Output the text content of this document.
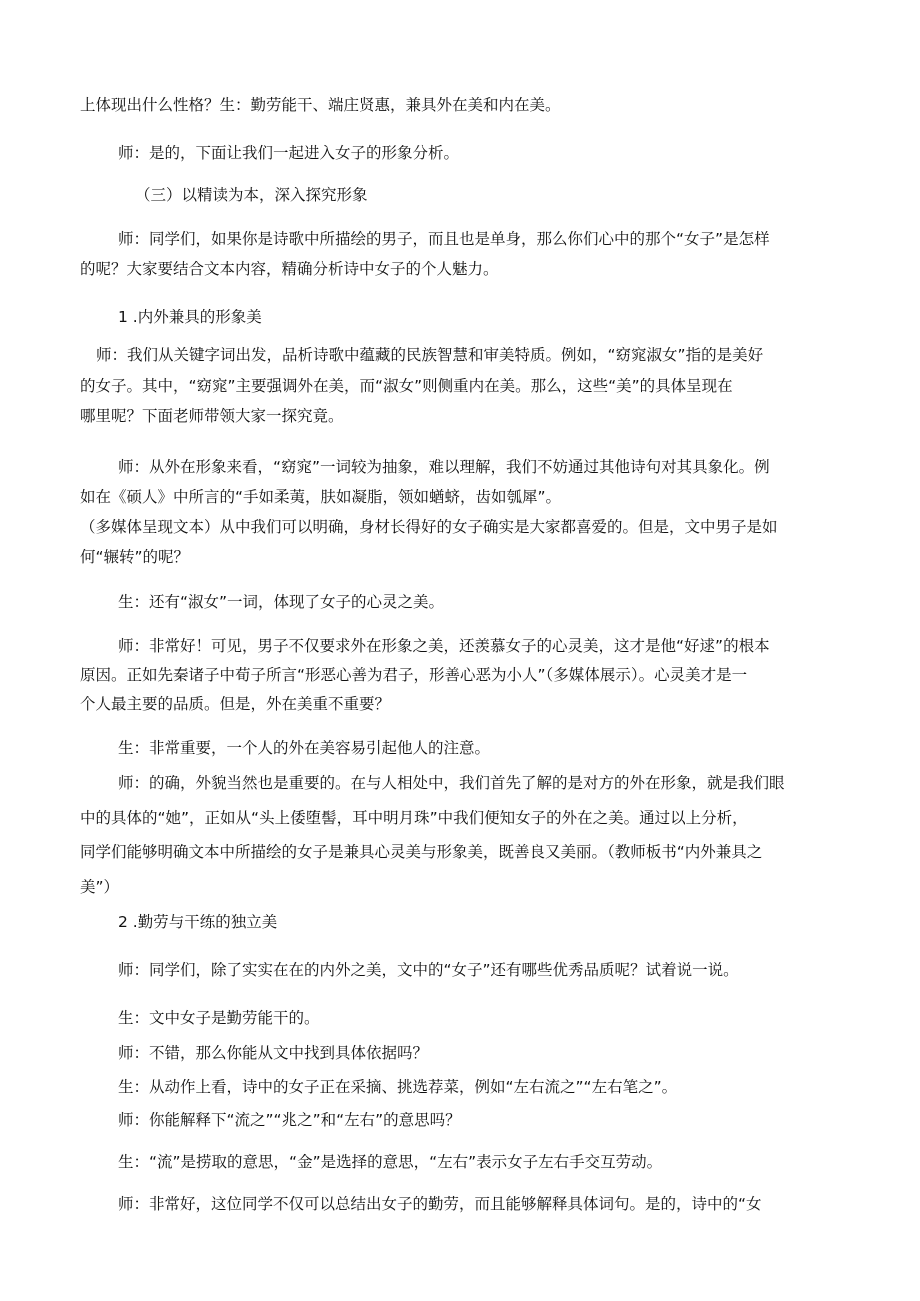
上体现出什么性格？生：勤劳能干、端庄贤惠，兼具外在美和内在美。
师：是的，下面让我们一起进入女子的形象分析。
（三）以精读为本，深入探究形象
师：同学们，如果你是诗歌中所描绘的男子，而且也是单身，那么你们心中的那个“女子”是怎样
的呢？大家要结合文本内容，精确分析诗中女子的个人魅力。
1 .内外兼具的形象美
师：我们从关键字词出发，品析诗歌中蕴藏的民族智慧和审美特质。例如，“窈窕淑女”指的是美好
的女子。其中，“窈窕”主要强调外在美，而“淑女”则侧重内在美。那么，这些“美”的具体呈现在
哪里呢？下面老师带领大家一探究竟。
师：从外在形象来看，“窈窕”一词较为抽象，难以理解，我们不妨通过其他诗句对其具象化。例
如在《硕人》中所言的“手如柔荑，肤如凝脂，领如蝤蛴，齿如瓠犀”。
（多媒体呈现文本）从中我们可以明确，身材长得好的女子确实是大家都喜爱的。但是，文中男子是如
何“辗转”的呢？
生：还有“淑女”一词，体现了女子的心灵之美。
师：非常好！可见，男子不仅要求外在形象之美，还羡慕女子的心灵美，这才是他“好逑”的根本
原因。正如先秦诸子中荀子所言“形恶心善为君子，形善心恶为小人”（多媒体展示）。心灵美才是一
个人最主要的品质。但是，外在美重不重要？
生：非常重要，一个人的外在美容易引起他人的注意。
师：的确，外貌当然也是重要的。在与人相处中，我们首先了解的是对方的外在形象，就是我们眼
中的具体的“她”，正如从“头上倭堕髻，耳中明月珠”中我们便知女子的外在之美。通过以上分析，
同学们能够明确文本中所描绘的女子是兼具心灵美与形象美，既善良又美丽。（教师板书“内外兼具之
美”）
2 .勤劳与干练的独立美
师：同学们，除了实实在在的内外之美，文中的“女子”还有哪些优秀品质呢？试着说一说。
生：文中女子是勤劳能干的。
师：不错，那么你能从文中找到具体依据吗？
生：从动作上看，诗中的女子正在采摘、挑选荐菜，例如“左右流之”“左右笔之”。
师：你能解释下“流之”“兆之”和“左右”的意思吗？
生：“流”是捞取的意思，“金”是选择的意思，“左右”表示女子左右手交互劳动。
师：非常好，这位同学不仅可以总结出女子的勤劳，而且能够解释具体词句。是的，诗中的“女
